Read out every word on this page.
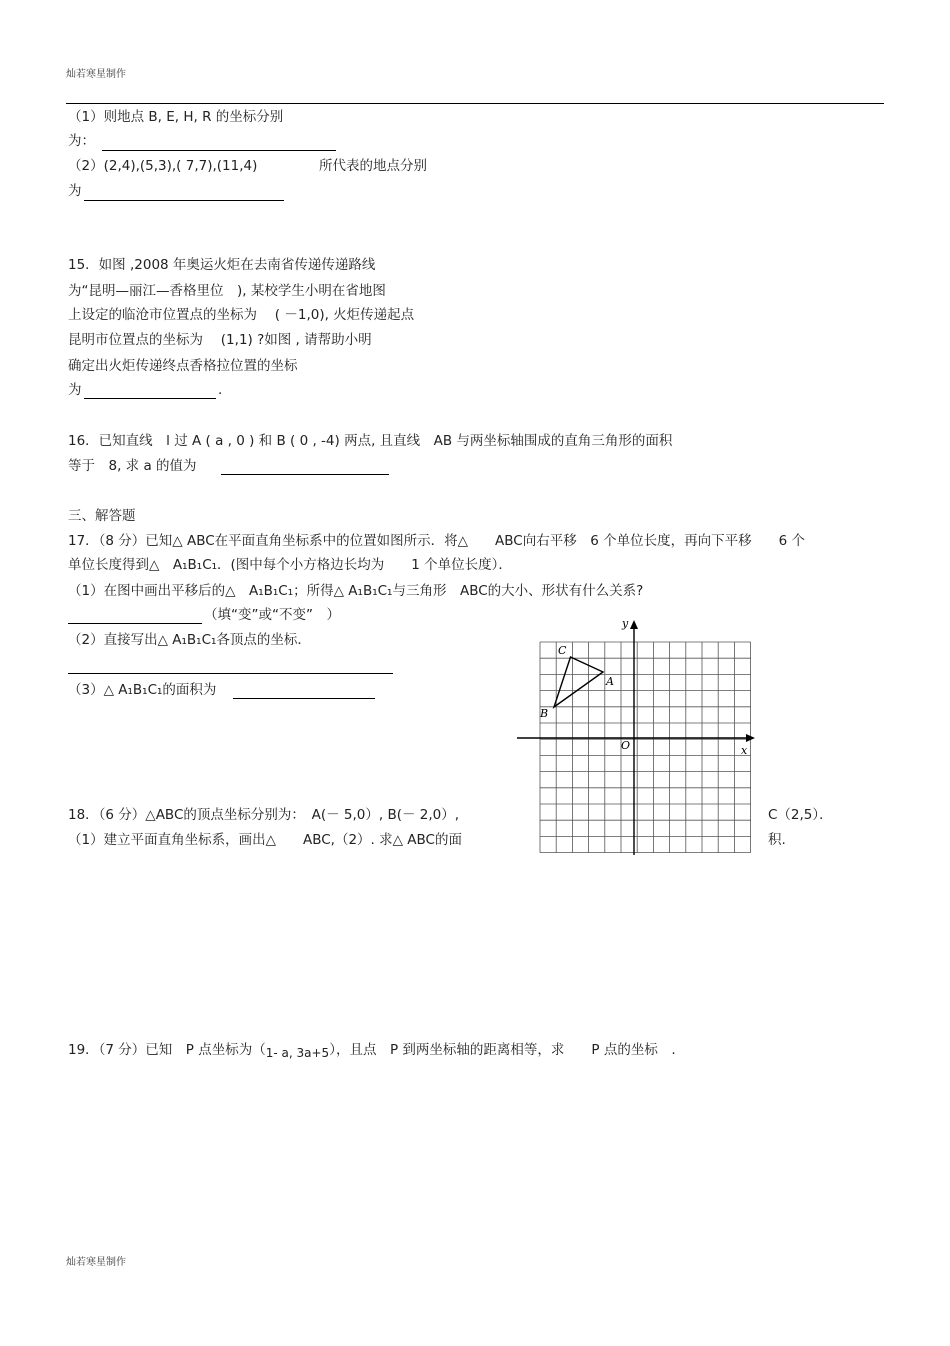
灿若寒星制作
（1）则地点 B, E, H, R 的坐标分别
为：
（2）(2,4),(5,3),( 7,7),(11,4)	所代表的地点分别
为
15．如图 ,2008 年奥运火炬在去南省传递传递路线
为“昆明—丽江—香格里位　), 某校学生小明在省地图
上设定的临沧市位置点的坐标为　 ( －1,0), 火炬传递起点
昆明市位置点的坐标为　 (1,1) ?如图 , 请帮助小明
确定出火炬传递终点香格拉位置的坐标
为	.
16．已知直线　l 过 A ( a , 0 ) 和 B ( 0 , -4) 两点, 且直线　AB 与两坐标轴围成的直角三角形的面积
等于　8, 求 a 的值为
三、解答题
17．（8 分）已知△ ABC在平面直角坐标系中的位置如图所示．将△　　ABC向右平移　6 个单位长度，再向下平移　　6 个
单位长度得到△　A₁B₁C₁．(图中每个小方格边长均为　　1 个单位长度）．
（1）在图中画出平移后的△　A₁B₁C₁；所得△ A₁B₁C₁与三角形　ABC的大小、形状有什么关系?
（填“变”或“不变”　）
（2）直接写出△ A₁B₁C₁各顶点的坐标．
（3）△ A₁B₁C₁的面积为
x
y
O
A
B
C
18．（6 分）△ABC的顶点坐标分别为：　A(－ 5,0）, B(－ 2,0）,	C（2,5）．
（1）建立平面直角坐标系，画出△　　ABC,（2）. 求△ ABC的面	积.
19．（7 分）已知　P 点坐标为（1- a, 3a+5），且点　P 到两坐标轴的距离相等，求　　P 点的坐标　.
灿若寒星制作
